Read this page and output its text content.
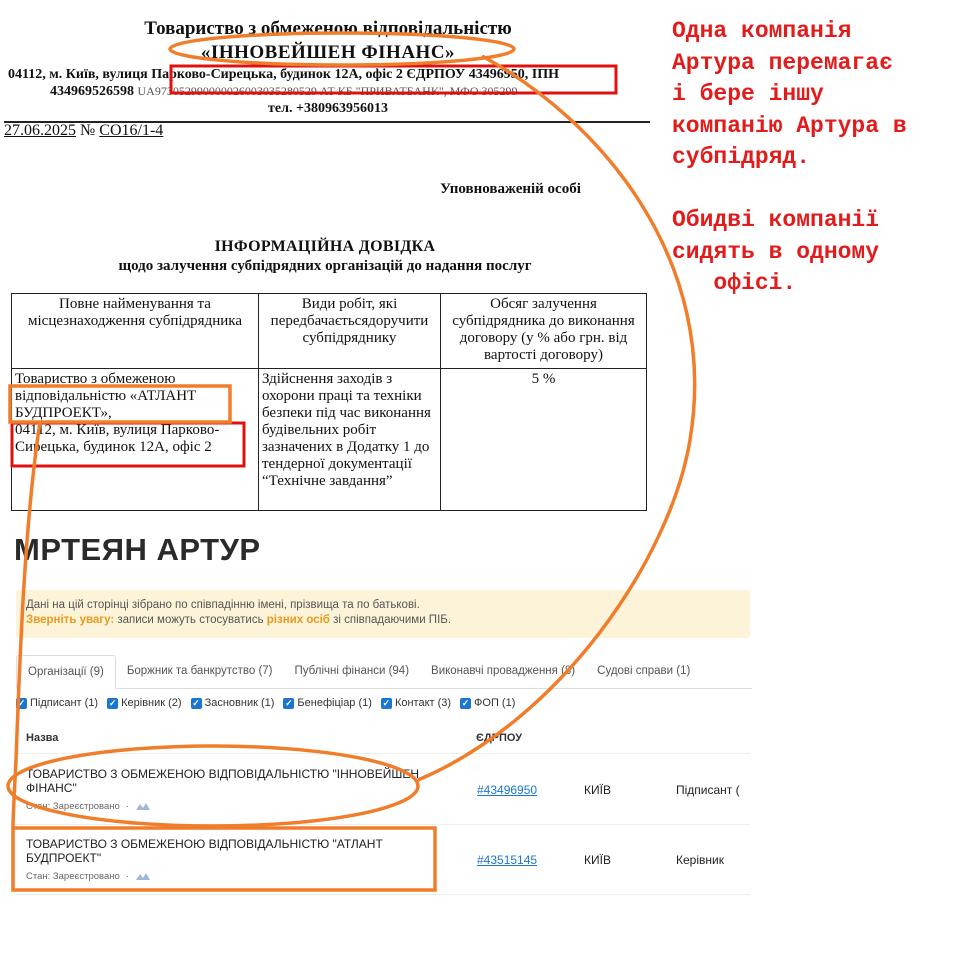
Товариство з обмеженою відповідальністю
«ІННОВЕЙШЕН ФІНАНС»
04112, м. Київ, вулиця Парково-Сирецька, будинок 12А, офіс 2 ЄДРПОУ 43496950, ІПН
434969526598 UA973052990000026003035280529 АТ КБ "ПРИВАТБАНК", МФО 305299
тел. +380963956013
27.06.2025 № СО16/1-4
Уповноваженій особі
ІНФОРМАЦІЙНА ДОВІДКА
щодо залучення субпідрядних організацій до надання послуг
Повне найменування та місцезнаходження субпідрядника	Види робіт, які передбачаєтьсядоручити субпідряднику	Обсяг залучення субпідрядника до виконання договору (у % або грн. від вартості договору)

Товариство з обмеженою відповідальністю «АТЛАНТ БУДПРОЕКТ»,
04112, м. Київ, вулиця Парково-Сирецька, будинок 12А, офіс 2	Здійснення заходів з охорони праці та техніки безпеки під час виконання будівельних робіт зазначених в Додатку 1 до тендерної документації “Технічне завдання”	5 %
МРТЕЯН АРТУР
Дані на цій сторінці зібрано по співпадінню імені, прізвища та по батькові.
Зверніть увагу: записи можуть стосуватись різних осіб зі співпадаючими ПІБ.
Організації (9)	Боржник та банкрутство (7)	Публічні фінанси (94)	Виконавчі провадження (8)	Судові справи (1)
✓ Підписант (1) ✓ Керівник (2) ✓ Засновник (1) ✓ Бенефіціар (1) ✓ Контакт (3) ✓ ФОП (1)
Назва	ЄДРПОУ
ТОВАРИСТВО З ОБМЕЖЕНОЮ ВІДПОВІДАЛЬНІСТЮ "ІННОВЕЙШЕН ФІНАНС"
Стан: Зареєстровано ·
#43496950	КИЇВ	Підписант (
ТОВАРИСТВО З ОБМЕЖЕНОЮ ВІДПОВІДАЛЬНІСТЮ "АТЛАНТ БУДПРОЕКТ"
Стан: Зареєстровано ·
#43515145	КИЇВ	Керівник
Одна компанія
Артура перемагає
і бере іншу
компанію Артура в
субпідряд.

Обидві компанії
сидять в одному
офісі.
